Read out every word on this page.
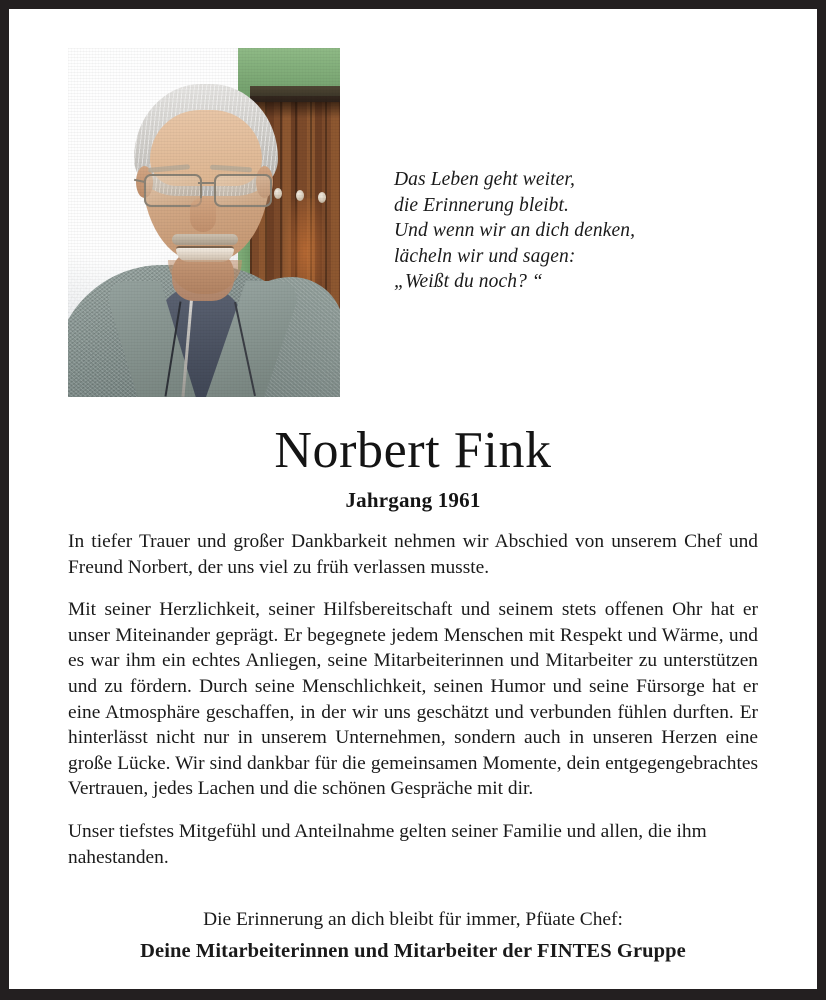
Das Leben geht weiter,
die Erinnerung bleibt.
Und wenn wir an dich denken,
lächeln wir und sagen:
„Weißt du noch? “
Norbert Fink
Jahrgang 1961

In tiefer Trauer und großer Dankbarkeit nehmen wir Abschied von unserem Chef und Freund Norbert, der uns viel zu früh verlassen musste.

Mit seiner Herzlichkeit, seiner Hilfsbereitschaft und seinem stets offenen Ohr hat er unser Miteinander geprägt. Er begegnete jedem Menschen mit Respekt und Wärme, und es war ihm ein echtes Anliegen, seine Mitarbeiterinnen und Mitarbeiter zu unterstützen und zu fördern. Durch seine Menschlichkeit, seinen Humor und seine Fürsorge hat er eine Atmosphäre geschaffen, in der wir uns geschätzt und verbunden fühlen durften. Er hinterlässt nicht nur in unserem Unternehmen, sondern auch in unseren Herzen eine große Lücke. Wir sind dankbar für die gemeinsamen Momente, dein entgegengebrachtes Vertrauen, jedes Lachen und die schönen Gespräche mit dir.

Unser tiefstes Mitgefühl und Anteilnahme gelten seiner Familie und allen, die ihm nahestanden.

Die Erinnerung an dich bleibt für immer, Pfüate Chef:
Deine Mitarbeiterinnen und Mitarbeiter der FINTES Gruppe
